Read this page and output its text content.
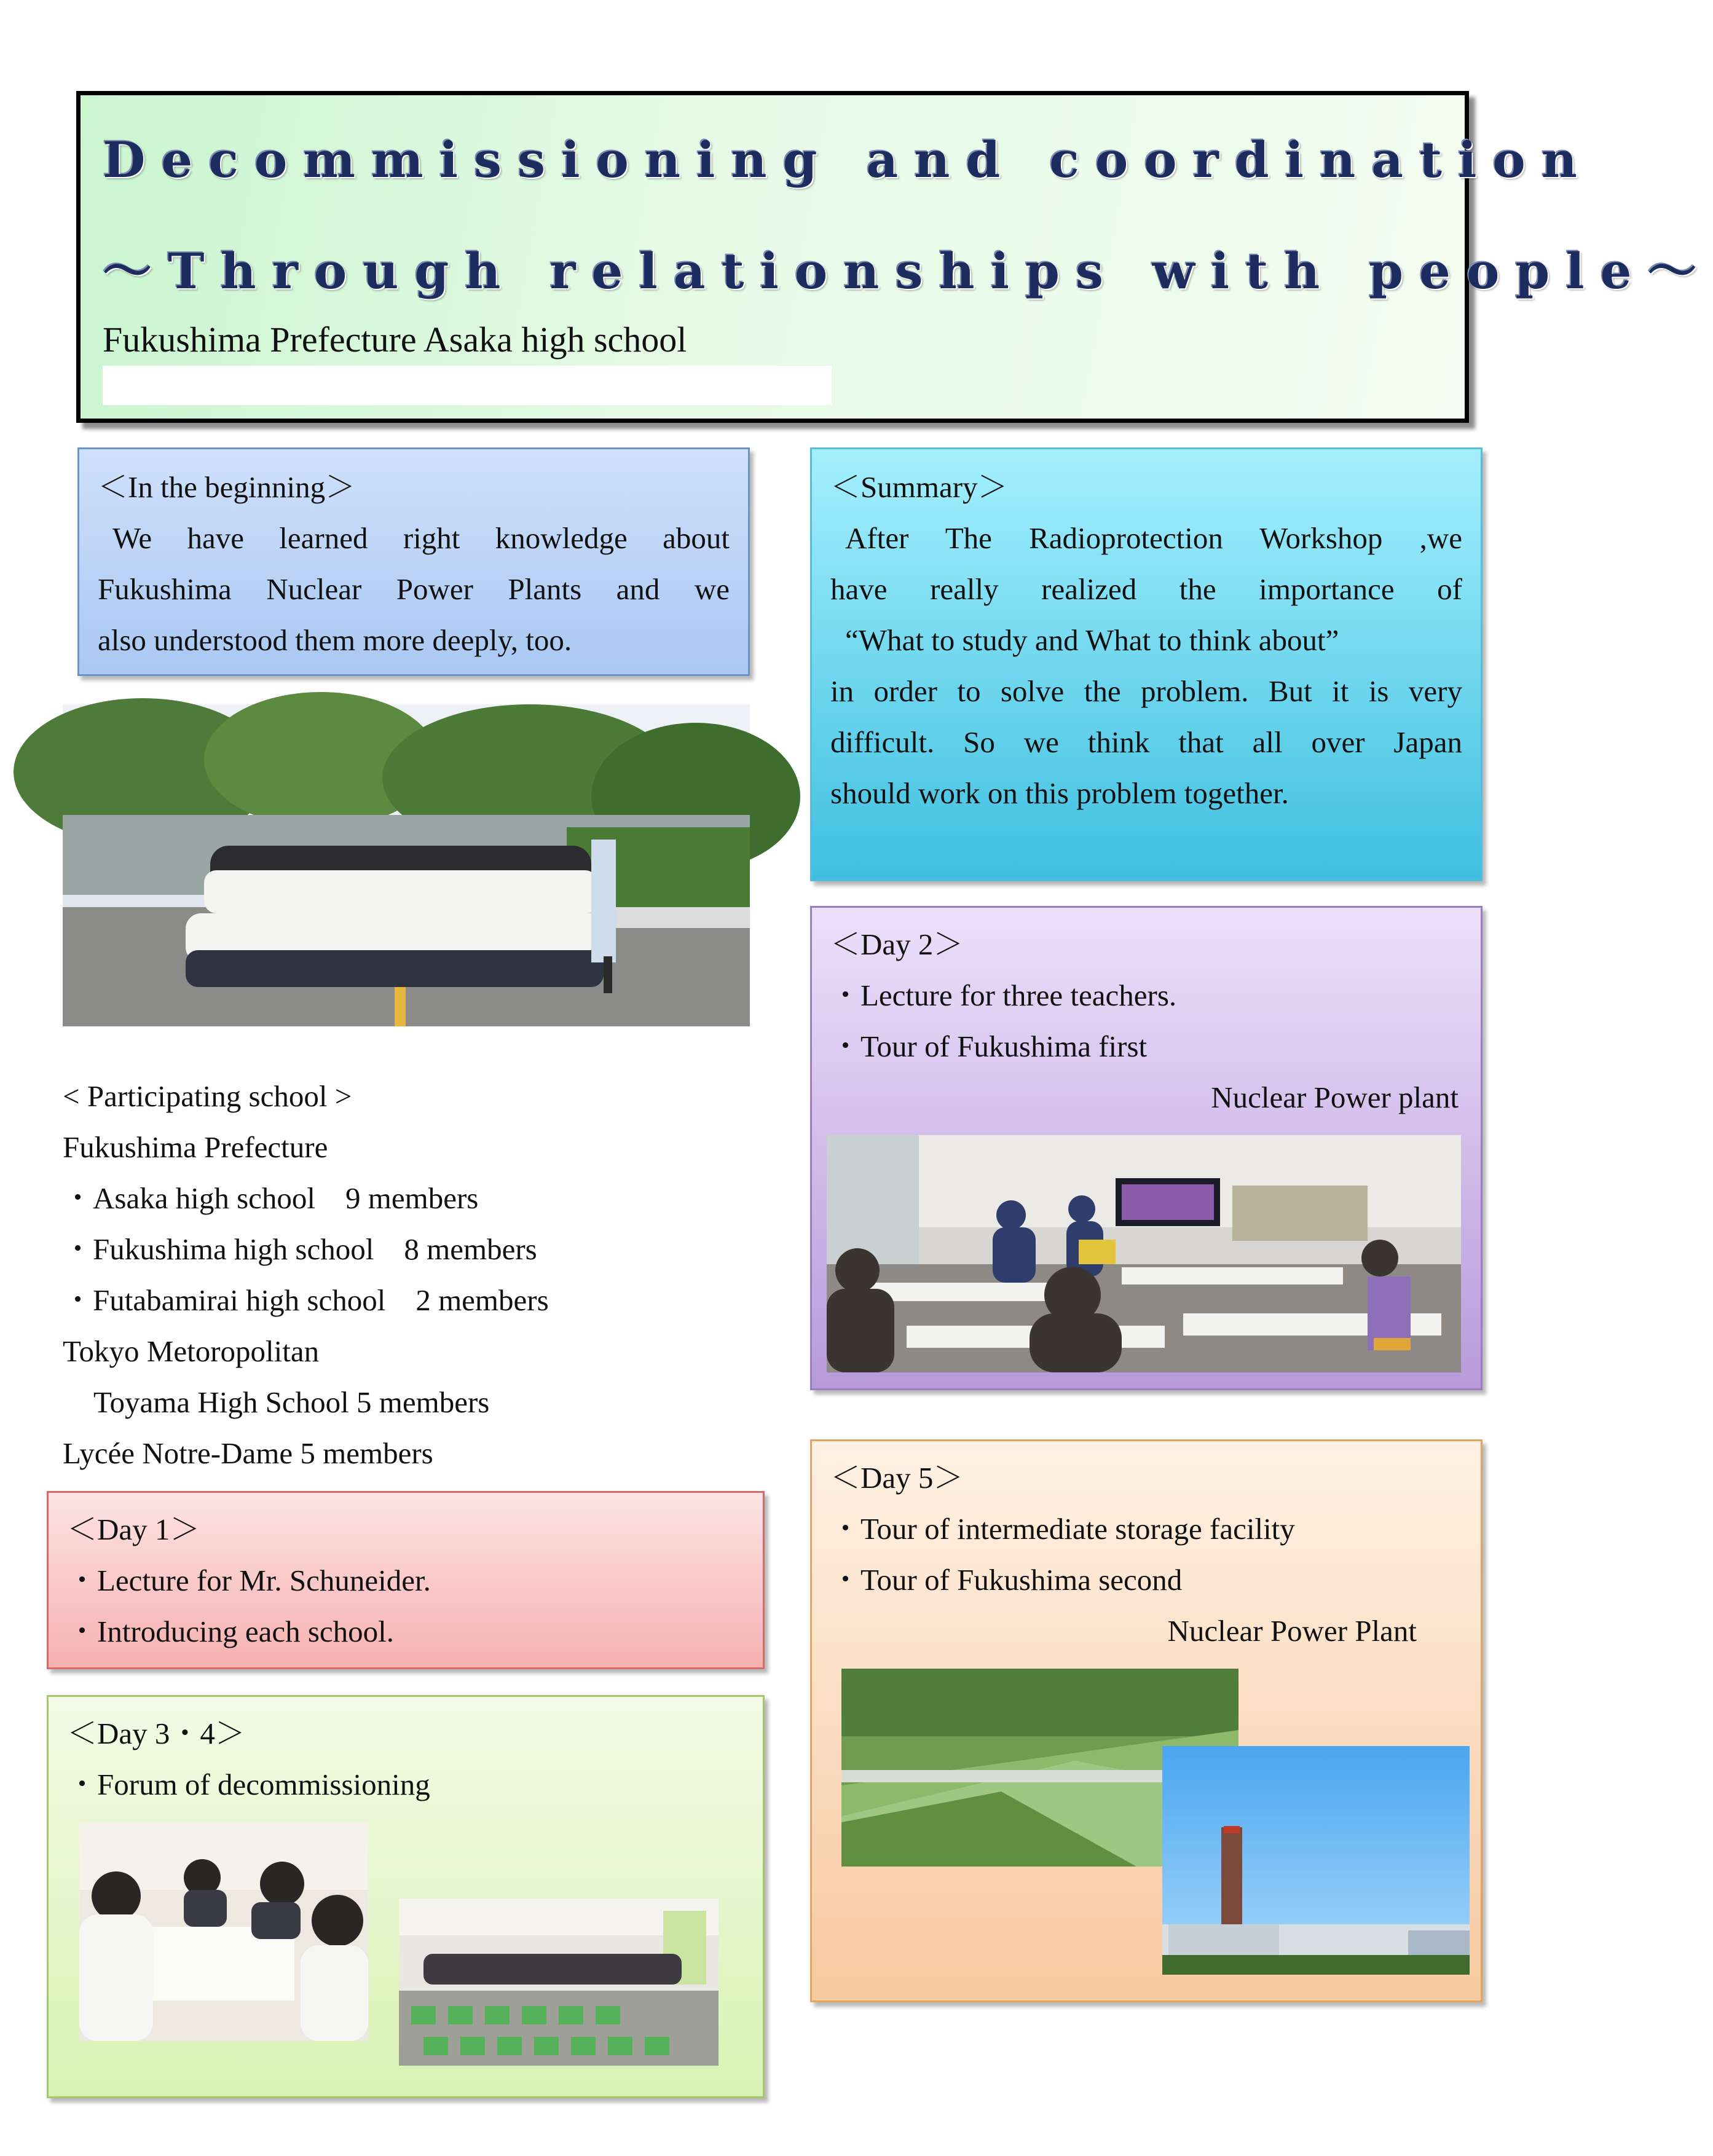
Decommissioning and coordination
～Through relationships with people～
Fukushima Prefecture Asaka high school
＜In the beginning＞
We have learned right knowledge about
Fukushima Nuclear Power Plants and we
also understood them more deeply, too.
＜Summary＞
After The Radioprotection Workshop ,we
have really realized the importance of
“What to study and What to think about”
in order to solve the problem. But it is very
difficult. So we think that all over Japan
should work on this problem together.
< Participating school >
Fukushima Prefecture
・Asaka high school　9 members
・Fukushima high school　8 members
・Futabamirai high school　2 members
Tokyo Metoropolitan
Toyama High School 5 members
Lycée Notre-Dame 5 members
＜Day 2＞
・Lecture for three teachers.
・Tour of Fukushima first
Nuclear Power plant
＜Day 1＞
・Lecture for Mr. Schuneider.
・Introducing each school.
＜Day 3・4＞
・Forum of decommissioning
＜Day 5＞
・Tour of intermediate storage facility
・Tour of Fukushima second
Nuclear Power Plant
